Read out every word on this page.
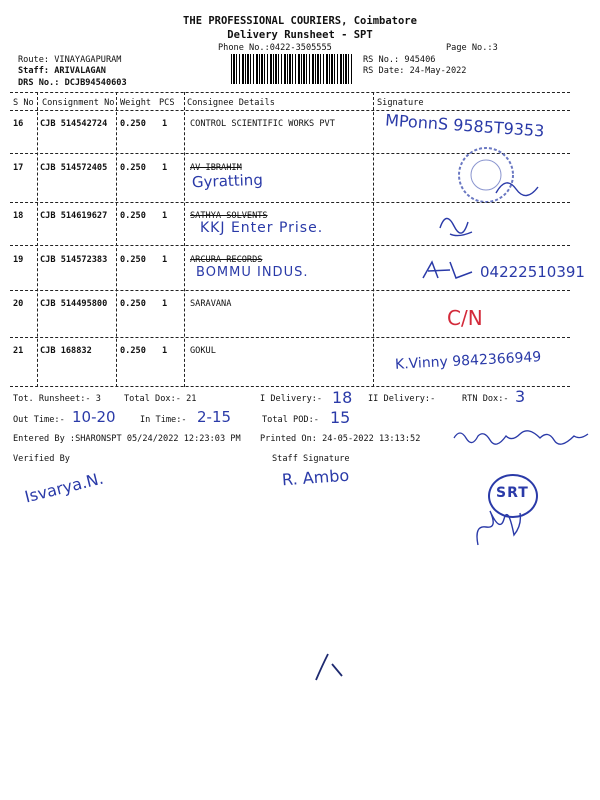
THE PROFESSIONAL COURIERS, Coimbatore
Delivery Runsheet - SPT
Phone No.:0422-3505555	Page No.:3
Route: VINAYAGAPURAM
Staff: ARIVALAGAN
DRS No.: DCJB94540603
RS No.: 945406
RS Date: 24-May-2022
S No Consignment No Weight PCS Consignee Details	Signature
16 CJB 514542724 0.250 1	CONTROL SCIENTIFIC WORKS PVT	MPonnS 9585T9353
17 CJB 514572405 0.250 1	AV IBRAHIM
Gyratting
18 CJB 514619627 0.250 1	SATHYA SOLVENTS
KKJ Enter Prise.
19 CJB 514572383 0.250 1	ARCURA RECORDS
BOMMU INDUS.	04222510391
20 CJB 514495800 0.250 1	SARAVANA
C/N
21 CJB 168832	0.250 1	GOKUL	K.Vinny 9842366949
Tot. Runsheet:- 3	Total Dox:- 21	I Delivery:- 18 II Delivery:-	RTN Dox:- 3
Out Time:- 10-20	In Time:- 2-15	Total POD:- 15
Entered By :SHARONSPT 05/24/2022 12:23:03 PM Printed On: 24-05-2022 13:13:52
Verified By	Staff Signature
Isvarya.N.	R. Ambo
SRT
